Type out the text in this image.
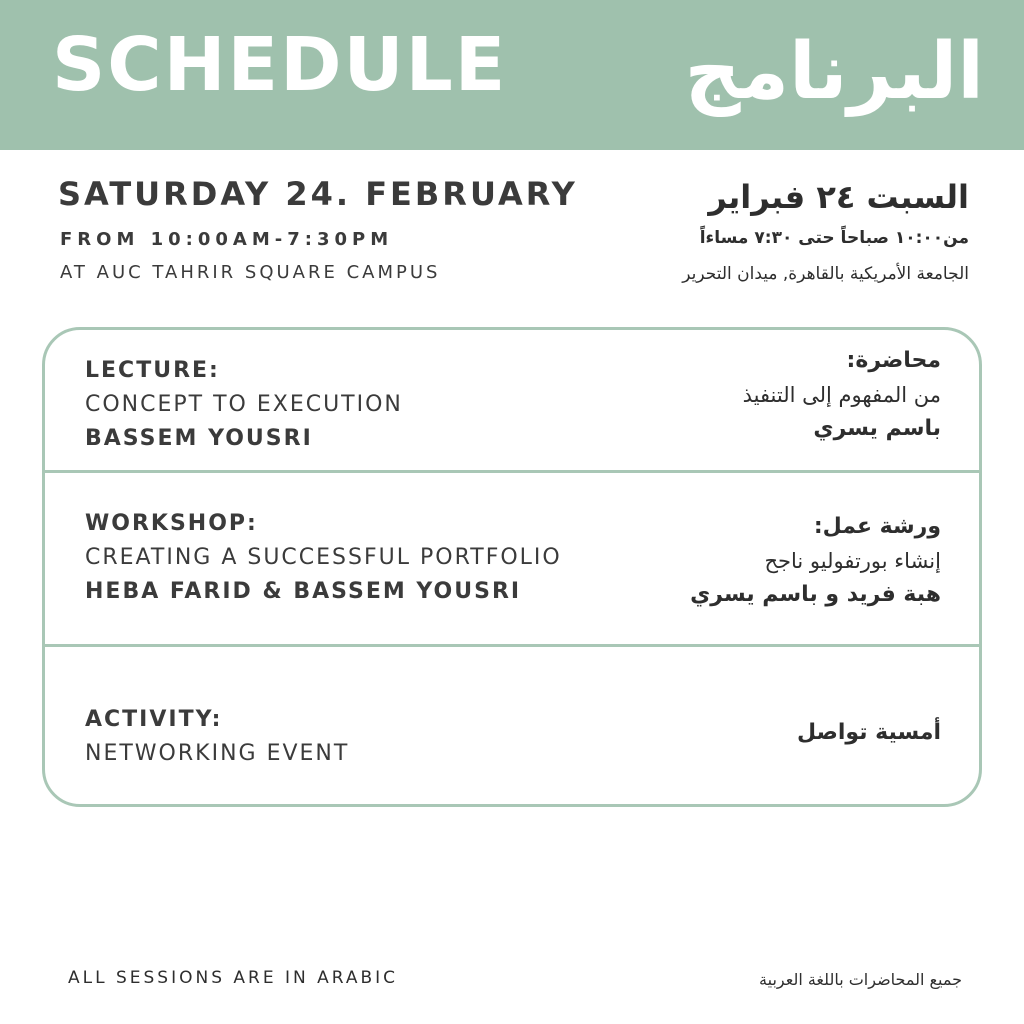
SCHEDULE البرنامج
SATURDAY 24. FEBRUARY
FROM 10:00AM-7:30PM
AT AUC TAHRIR SQUARE CAMPUS
السبت ٢٤ فبراير
من١٠:٠٠ صباحاً حتى ٧:٣٠ مساءاً
الجامعة الأمريكية بالقاهرة, ميدان التحرير
LECTURE:
CONCEPT TO EXECUTION
BASSEM YOUSRI
محاضرة:
من المفهوم إلى التنفيذ
باسم يسري
WORKSHOP:
CREATING A SUCCESSFUL PORTFOLIO
HEBA FARID & BASSEM YOUSRI
ورشة عمل:
إنشاء بورتفوليو ناجح
هبة فريد و باسم يسري
ACTIVITY:
NETWORKING EVENT
أمسية تواصل
ALL SESSIONS ARE IN ARABIC	جميع المحاضرات باللغة العربية
